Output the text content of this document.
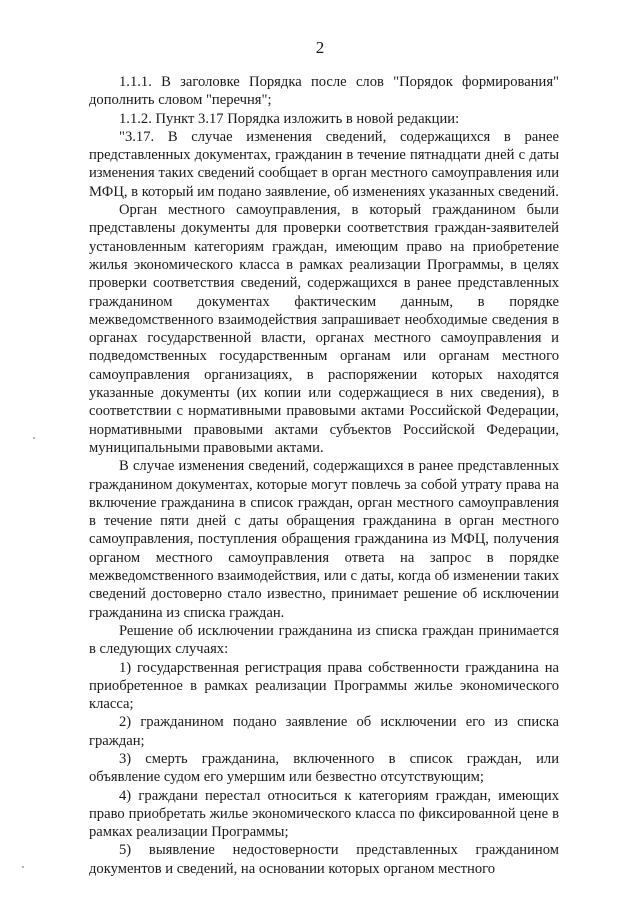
2

1.1.1. В заголовке Порядка после слов "Порядок формирования" дополнить словом "перечня";

1.1.2. Пункт 3.17 Порядка изложить в новой редакции:

"3.17. В случае изменения сведений, содержащихся в ранее представленных документах, гражданин в течение пятнадцати дней с даты изменения таких сведений сообщает в орган местного самоуправления или МФЦ, в который им подано заявление, об изменениях указанных сведений.

Орган местного самоуправления, в который гражданином были представлены документы для проверки соответствия граждан-заявителей установленным категориям граждан, имеющим право на приобретение жилья экономического класса в рамках реализации Программы, в целях проверки соответствия сведений, содержащихся в ранее представленных гражданином документах фактическим данным, в порядке межведомственного взаимодействия запрашивает необходимые сведения в органах государственной власти, органах местного самоуправления и подведомственных государственным органам или органам местного самоуправления организациях, в распоряжении которых находятся указанные документы (их копии или содержащиеся в них сведения), в соответствии с нормативными правовыми актами Российской Федерации, нормативными правовыми актами субъектов Российской Федерации, муниципальными правовыми актами.

В случае изменения сведений, содержащихся в ранее представленных гражданином документах, которые могут повлечь за собой утрату права на включение гражданина в список граждан, орган местного самоуправления в течение пяти дней с даты обращения гражданина в орган местного самоуправления, поступления обращения гражданина из МФЦ, получения органом местного самоуправления ответа на запрос в порядке межведомственного взаимодействия, или с даты, когда об изменении таких сведений достоверно стало известно, принимает решение об исключении гражданина из списка граждан.

Решение об исключении гражданина из списка граждан принимается в следующих случаях:

1) государственная регистрация права собственности гражданина на приобретенное в рамках реализации Программы жилье экономического класса;

2) гражданином подано заявление об исключении его из списка граждан;

3) смерть гражданина, включенного в список граждан, или объявление судом его умершим или безвестно отсутствующим;

4) граждани перестал относиться к категориям граждан, имеющих право приобретать жилье экономического класса по фиксированной цене в рамках реализации Программы;

5) выявление недостоверности представленных гражданином документов и сведений, на основании которых органом местного
